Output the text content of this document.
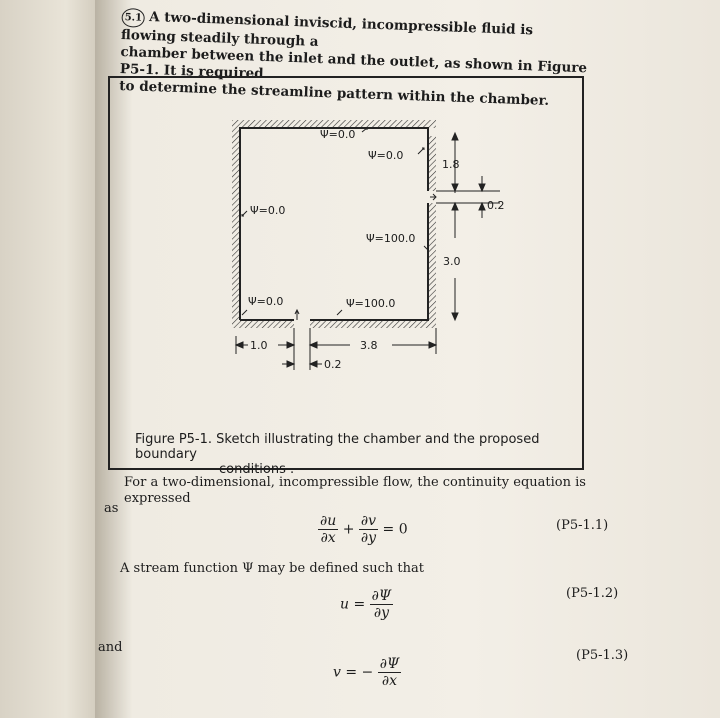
5.1 A two-dimensional inviscid, incompressible fluid is flowing steadily through a
chamber between the inlet and the outlet, as shown in Figure P5-1. It is required
to determine the streamline pattern within the chamber.
Ψ=0.0
Ψ=0.0
Ψ=0.0
Ψ=100.0
Ψ=0.0	Ψ=100.0
1.8
0.2
3.0
1.0	3.8
0.2
Figure P5-1. Sketch illustrating the chamber and the proposed boundary
conditions .
For a two-dimensional, incompressible flow, the continuity equation is expressed
as
$\frac{\partial u}{\partial x} + \frac{\partial v}{\partial y} = 0$	(P5-1.1)
A stream function Ψ may be defined such that
$u = \frac{\partial\Psi}{\partial y}$	(P5-1.2)
and
v = − $\frac{\partial\Psi}{\partial x}$
(P5-1.3)
